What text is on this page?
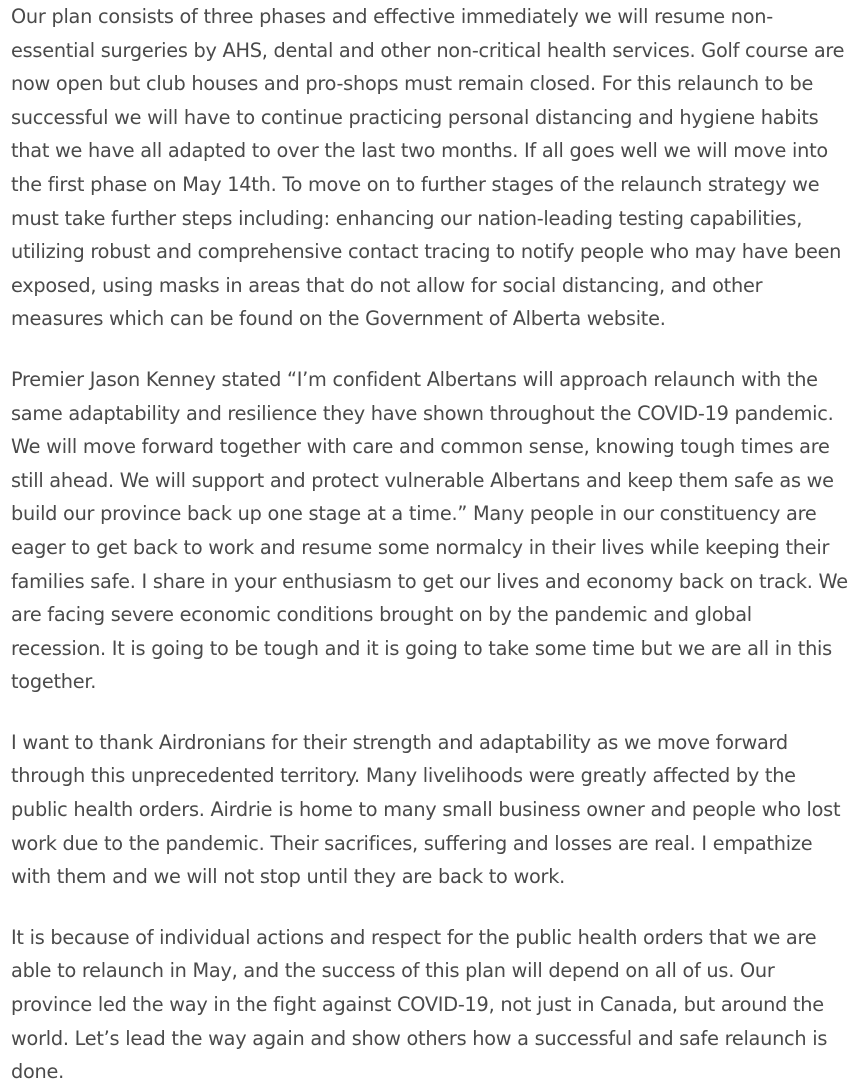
Our plan consists of three phases and effective immediately we will resume non-essential surgeries by AHS, dental and other non-critical health services. Golf course are now open but club houses and pro-shops must remain closed. For this relaunch to be successful we will have to continue practicing personal distancing and hygiene habits that we have all adapted to over the last two months. If all goes well we will move into the first phase on May 14th. To move on to further stages of the relaunch strategy we must take further steps including: enhancing our nation-leading testing capabilities, utilizing robust and comprehensive contact tracing to notify people who may have been exposed, using masks in areas that do not allow for social distancing, and other measures which can be found on the Government of Alberta website.

Premier Jason Kenney stated “I’m confident Albertans will approach relaunch with the same adaptability and resilience they have shown throughout the COVID-19 pandemic. We will move forward together with care and common sense, knowing tough times are still ahead. We will support and protect vulnerable Albertans and keep them safe as we build our province back up one stage at a time.” Many people in our constituency are eager to get back to work and resume some normalcy in their lives while keeping their families safe. I share in your enthusiasm to get our lives and economy back on track. We are facing severe economic conditions brought on by the pandemic and global recession. It is going to be tough and it is going to take some time but we are all in this together.

I want to thank Airdronians for their strength and adaptability as we move forward through this unprecedented territory. Many livelihoods were greatly affected by the public health orders. Airdrie is home to many small business owner and people who lost work due to the pandemic. Their sacrifices, suffering and losses are real. I empathize with them and we will not stop until they are back to work.

It is because of individual actions and respect for the public health orders that we are able to relaunch in May, and the success of this plan will depend on all of us. Our province led the way in the fight against COVID-19, not just in Canada, but around the world. Let’s lead the way again and show others how a successful and safe relaunch is done.
